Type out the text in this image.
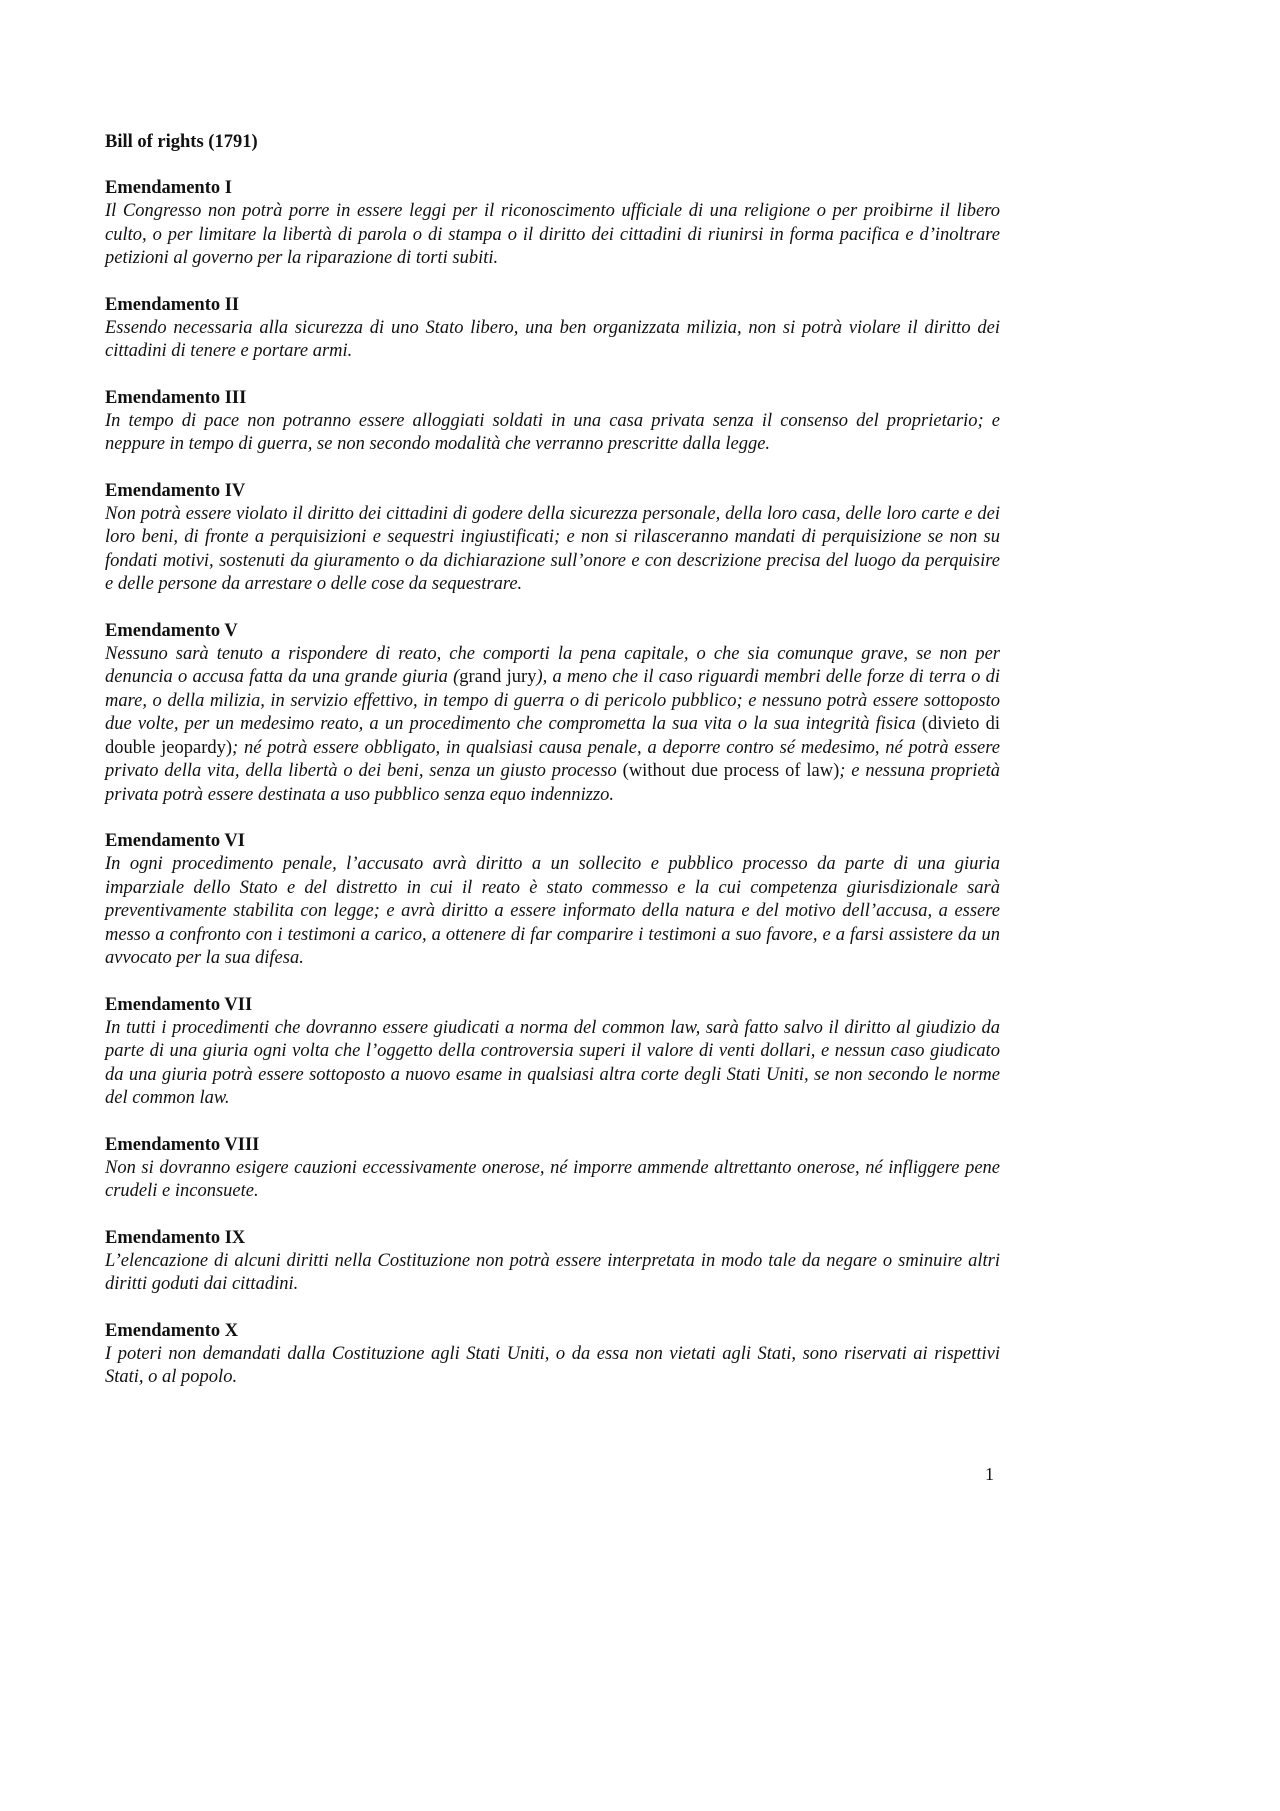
Bill of rights (1791)
Emendamento I

Il Congresso non potrà porre in essere leggi per il riconoscimento ufficiale di una religione o per proibirne il libero culto, o per limitare la libertà di parola o di stampa o il diritto dei cittadini di riunirsi in forma pacifica e d’inoltrare petizioni al governo per la riparazione di torti subiti.

Emendamento II

Essendo necessaria alla sicurezza di uno Stato libero, una ben organizzata milizia, non si potrà violare il diritto dei cittadini di tenere e portare armi.

Emendamento III

In tempo di pace non potranno essere alloggiati soldati in una casa privata senza il consenso del proprietario; e neppure in tempo di guerra, se non secondo modalità che verranno prescritte dalla legge.

Emendamento IV

Non potrà essere violato il diritto dei cittadini di godere della sicurezza personale, della loro casa, delle loro carte e dei loro beni, di fronte a perquisizioni e sequestri ingiustificati; e non si rilasceranno mandati di perquisizione se non su fondati motivi, sostenuti da giuramento o da dichiarazione sull’onore e con descrizione precisa del luogo da perquisire e delle persone da arrestare o delle cose da sequestrare.

Emendamento V

Nessuno sarà tenuto a rispondere di reato, che comporti la pena capitale, o che sia comunque grave, se non per denuncia o accusa fatta da una grande giuria (grand jury), a meno che il caso riguardi membri delle forze di terra o di mare, o della milizia, in servizio effettivo, in tempo di guerra o di pericolo pubblico; e nessuno potrà essere sottoposto due volte, per un medesimo reato, a un procedimento che comprometta la sua vita o la sua integrità fisica (divieto di double jeopardy); né potrà essere obbligato, in qualsiasi causa penale, a deporre contro sé medesimo, né potrà essere privato della vita, della libertà o dei beni, senza un giusto processo (without due process of law); e nessuna proprietà privata potrà essere destinata a uso pubblico senza equo indennizzo.

Emendamento VI

In ogni procedimento penale, l’accusato avrà diritto a un sollecito e pubblico processo da parte di una giuria imparziale dello Stato e del distretto in cui il reato è stato commesso e la cui competenza giurisdizionale sarà preventivamente stabilita con legge; e avrà diritto a essere informato della natura e del motivo dell’accusa, a essere messo a confronto con i testimoni a carico, a ottenere di far comparire i testimoni a suo favore, e a farsi assistere da un avvocato per la sua difesa.

Emendamento VII

In tutti i procedimenti che dovranno essere giudicati a norma del common law, sarà fatto salvo il diritto al giudizio da parte di una giuria ogni volta che l’oggetto della controversia superi il valore di venti dollari, e nessun caso giudicato da una giuria potrà essere sottoposto a nuovo esame in qualsiasi altra corte degli Stati Uniti, se non secondo le norme del common law.

Emendamento VIII

Non si dovranno esigere cauzioni eccessivamente onerose, né imporre ammende altrettanto onerose, né infliggere pene crudeli e inconsuete.

Emendamento IX

L’elencazione di alcuni diritti nella Costituzione non potrà essere interpretata in modo tale da negare o sminuire altri diritti goduti dai cittadini.

Emendamento X

I poteri non demandati dalla Costituzione agli Stati Uniti, o da essa non vietati agli Stati, sono riservati ai rispettivi Stati, o al popolo.

1
